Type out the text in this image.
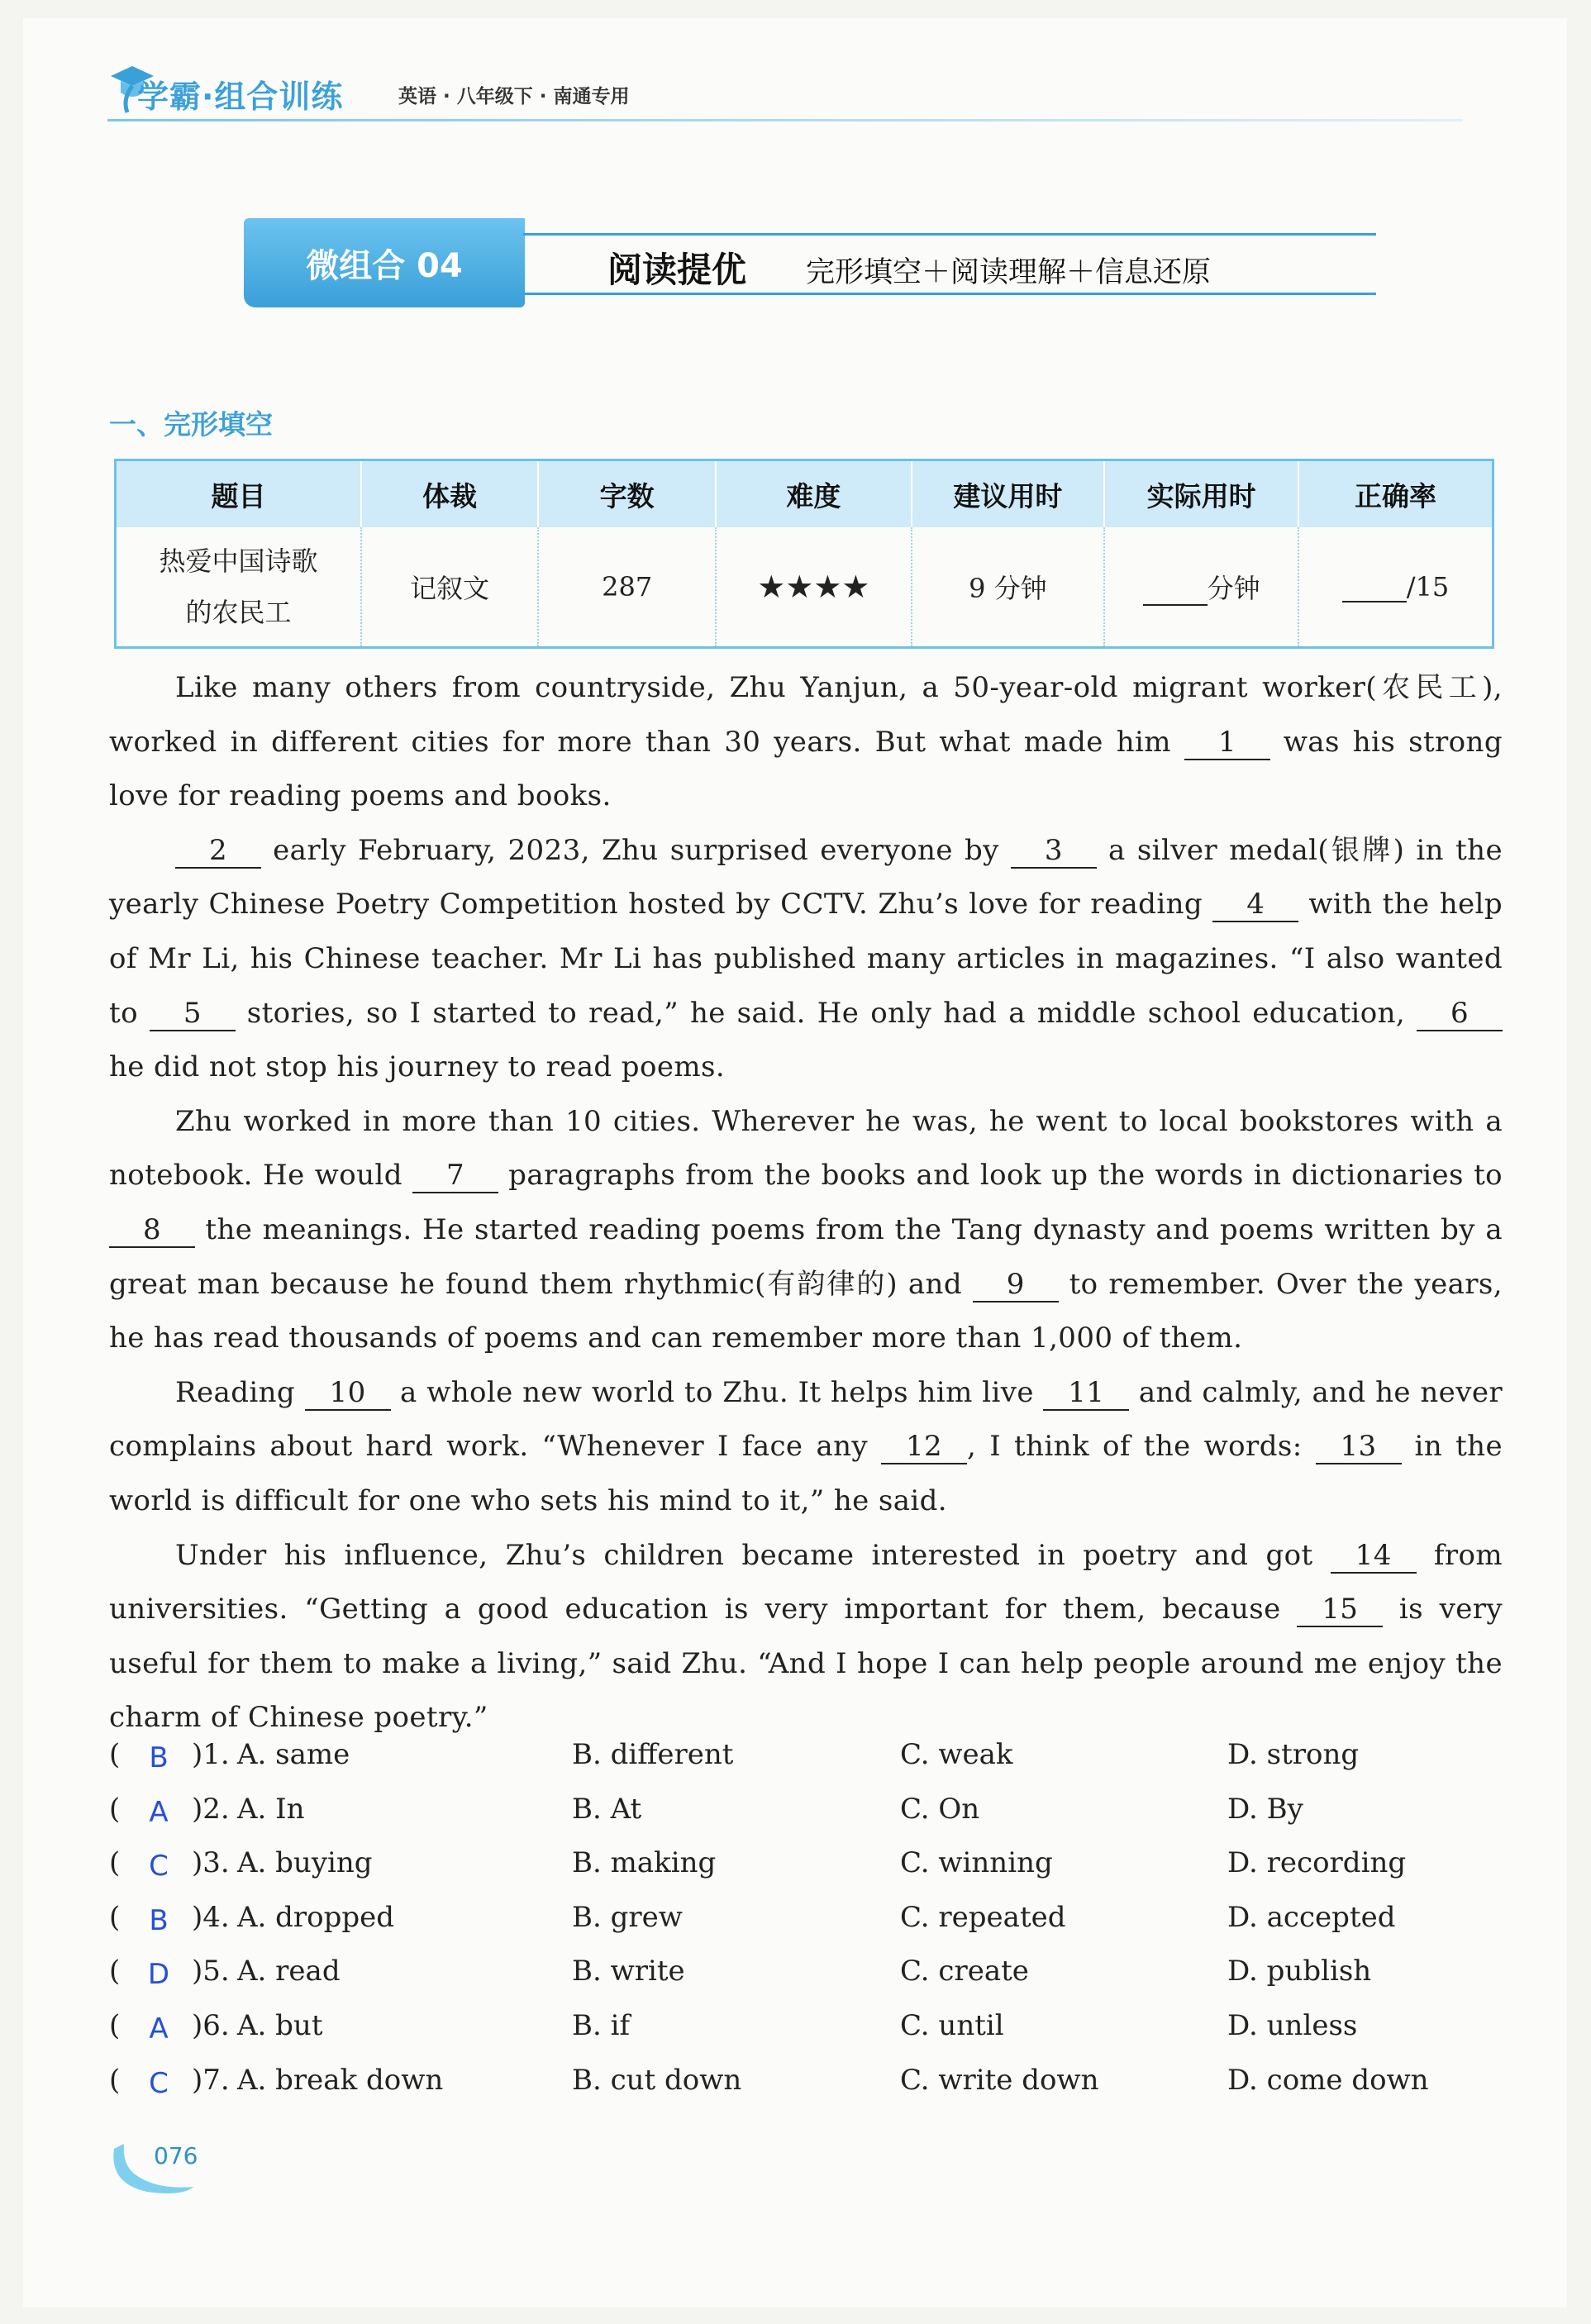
学霸·组合训练	英语 · 八年级下 · 南通专用
微组合 04	阅读提优 完形填空＋阅读理解＋信息还原
一、完形填空
题目	体裁	字数	难度	建议用时	实际用时	正确率

热爱中国诗歌
的农民工	记叙文	287	★★★★	9 分钟	分钟	/15

Like many others from countryside, Zhu Yanjun, a 50-year-old migrant worker(农民工), worked in different cities for more than 30 years. But what made him 1 was his strong love for reading poems and books.

2 early February, 2023, Zhu surprised everyone by 3 a silver medal(银牌) in the yearly Chinese Poetry Competition hosted by CCTV. Zhu’s love for reading 4 with the help of Mr Li, his Chinese teacher. Mr Li has published many articles in magazines. “I also wanted to 5 stories, so I started to read,” he said. He only had a middle school education, 6 he did not stop his journey to read poems.

Zhu worked in more than 10 cities. Wherever he was, he went to local bookstores with a notebook. He would 7 paragraphs from the books and look up the words in dictionaries to 8 the meanings. He started reading poems from the Tang dynasty and poems written by a great man because he found them rhythmic(有韵律的) and 9 to remember. Over the years, he has read thousands of poems and can remember more than 1,000 of them.

Reading 10 a whole new world to Zhu. It helps him live 11 and calmly, and he never complains about hard work. “Whenever I face any 12 , I think of the words: 13 in the world is difficult for one who sets his mind to it,” he said.

Under his influence, Zhu’s children became interested in poetry and got 14 from universities. “Getting a good education is very important for them, because 15 is very useful for them to make a living,” said Zhu. “And I hope I can help people around me enjoy the charm of Chinese poetry.”

( B )1. A. same	B. different	C. weak	D. strong
( A )2. A. In	B. At	C. On	D. By
( C )3. A. buying	B. making	C. winning	D. recording
( B )4. A. dropped	B. grew	C. repeated	D. accepted
( D )5. A. read	B. write	C. create	D. publish
( A )6. A. but	B. if	C. until	D. unless
( C )7. A. break down	B. cut down	C. write down	D. come down
076
